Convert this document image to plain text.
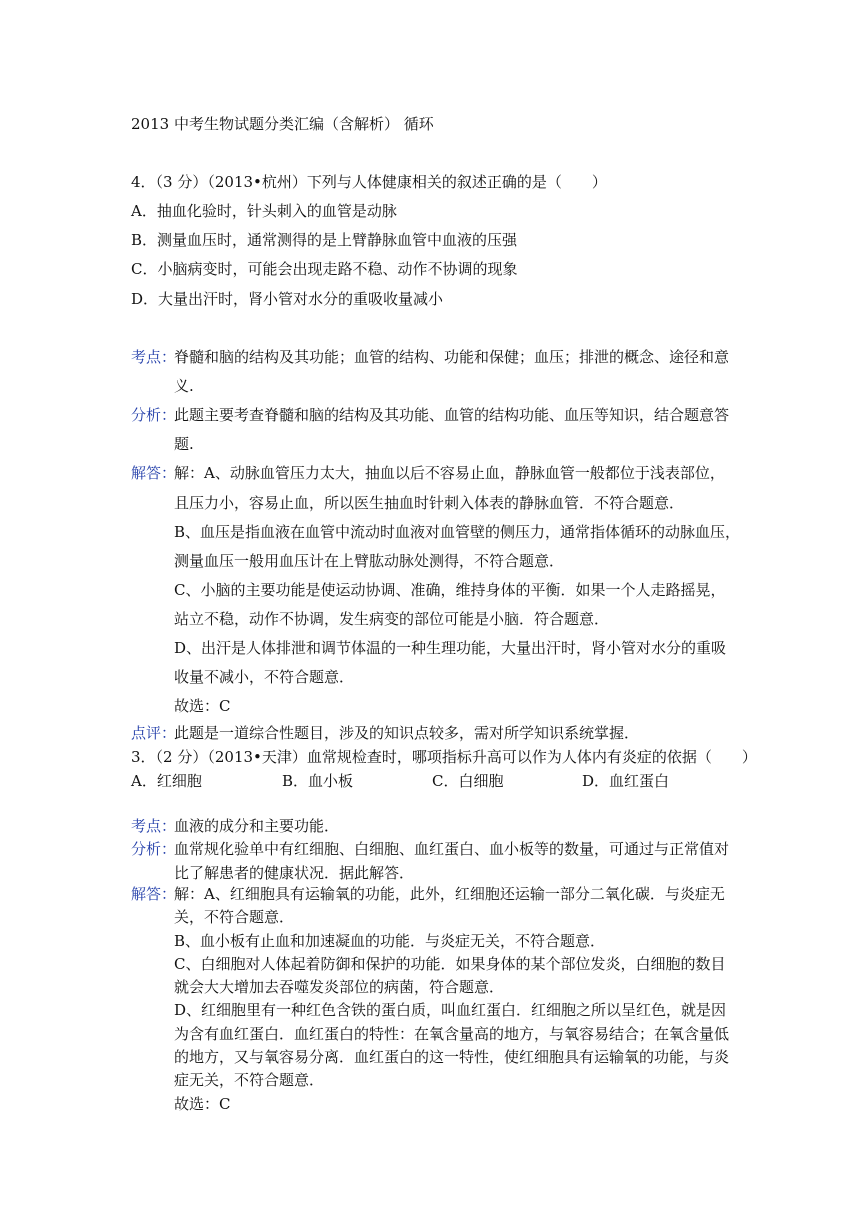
2013 中考生物试题分类汇编（含解析） 循环
4．（3 分）（2013•杭州）下列与人体健康相关的叙述正确的是（　　）
A．抽血化验时，针头刺入的血管是动脉
B．测量血压时，通常测得的是上臂静脉血管中血液的压强
C．小脑病变时，可能会出现走路不稳、动作不协调的现象
D．大量出汗时，肾小管对水分的重吸收量减小
考点：
脊髓和脑的结构及其功能；血管的结构、功能和保健；血压；排泄的概念、途径和意
义.
分析：
此题主要考查脊髓和脑的结构及其功能、血管的结构功能、血压等知识，结合题意答
题.
解答：
解：A、动脉血管压力太大，抽血以后不容易止血，静脉血管一般都位于浅表部位，
且压力小，容易止血，所以医生抽血时针刺入体表的静脉血管．不符合题意．
B、血压是指血液在血管中流动时血液对血管壁的侧压力，通常指体循环的动脉血压，
测量血压一般用血压计在上臂肱动脉处测得，不符合题意．
C、小脑的主要功能是使运动协调、准确，维持身体的平衡．如果一个人走路摇晃，
站立不稳，动作不协调，发生病变的部位可能是小脑．符合题意．
D、出汗是人体排泄和调节体温的一种生理功能，大量出汗时，肾小管对水分的重吸
收量不减小，不符合题意．
故选：C
点评：
此题是一道综合性题目，涉及的知识点较多，需对所学知识系统掌握．
3．（2 分）（2013•天津）血常规检查时，哪项指标升高可以作为人体内有炎症的依据（　　）
A．红细胞	B．血小板	C．白细胞	D．血红蛋白
考点：
血液的成分和主要功能．
分析：
血常规化验单中有红细胞、白细胞、血红蛋白、血小板等的数量，可通过与正常值对
比了解患者的健康状况．据此解答．
解答：
解：A、红细胞具有运输氧的功能，此外，红细胞还运输一部分二氧化碳．与炎症无
关，不符合题意．
B、血小板有止血和加速凝血的功能．与炎症无关，不符合题意．
C、白细胞对人体起着防御和保护的功能．如果身体的某个部位发炎，白细胞的数目
就会大大增加去吞噬发炎部位的病菌，符合题意．
D、红细胞里有一种红色含铁的蛋白质，叫血红蛋白．红细胞之所以呈红色，就是因
为含有血红蛋白．血红蛋白的特性：在氧含量高的地方，与氧容易结合；在氧含量低
的地方，又与氧容易分离．血红蛋白的这一特性，使红细胞具有运输氧的功能，与炎
症无关，不符合题意．
故选：C
